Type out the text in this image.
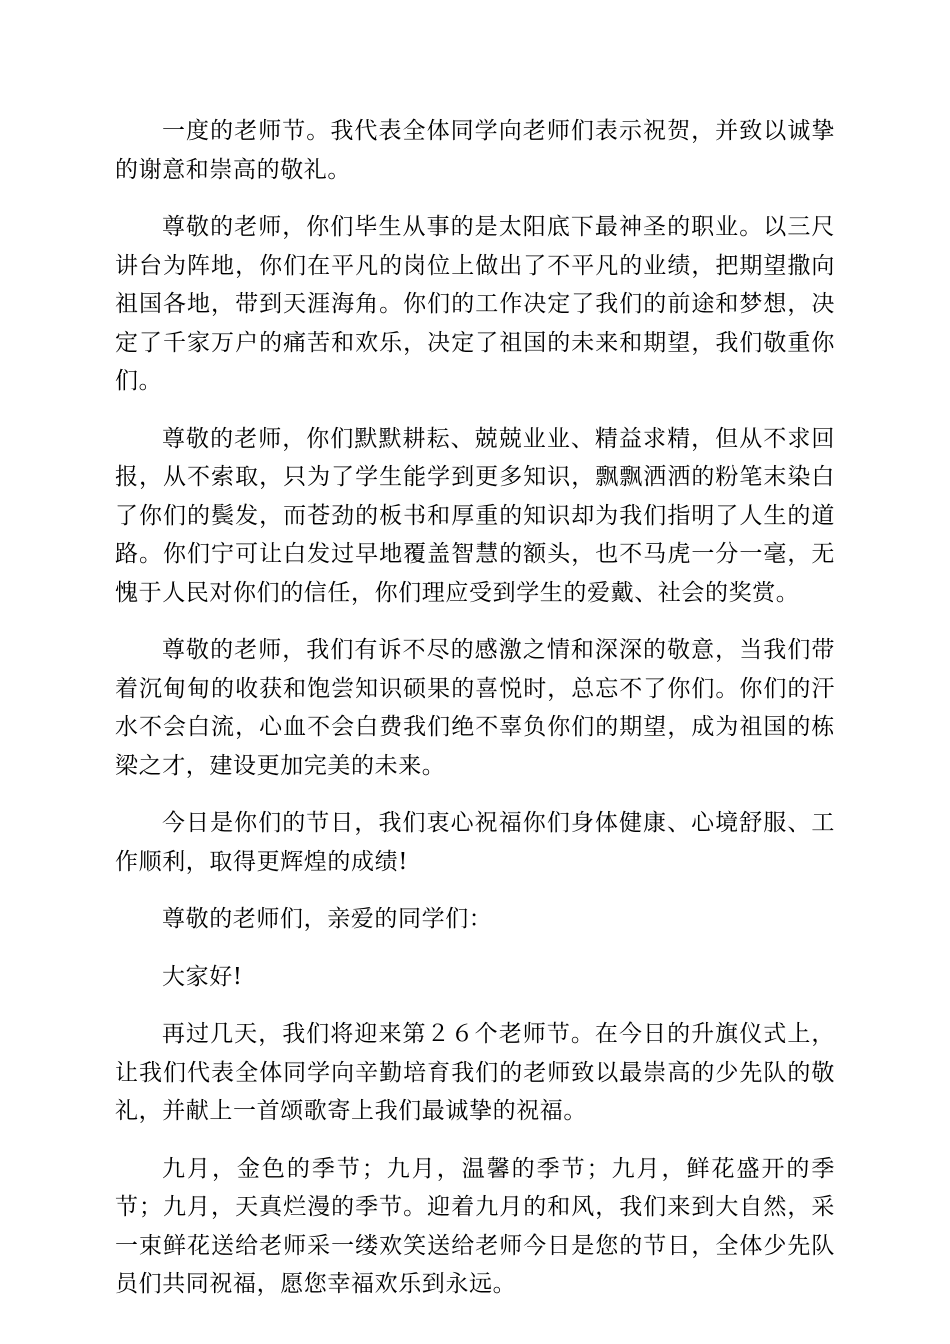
一度的老师节。我代表全体同学向老师们表示祝贺，并致以诚挚的谢意和崇高的敬礼。

尊敬的老师，你们毕生从事的是太阳底下最神圣的职业。以三尺讲台为阵地，你们在平凡的岗位上做出了不平凡的业绩，把期望撒向祖国各地，带到天涯海角。你们的工作决定了我们的前途和梦想，决定了千家万户的痛苦和欢乐，决定了祖国的未来和期望，我们敬重你们。

尊敬的老师，你们默默耕耘、兢兢业业、精益求精，但从不求回报，从不索取，只为了学生能学到更多知识，飘飘洒洒的粉笔末染白了你们的鬓发，而苍劲的板书和厚重的知识却为我们指明了人生的道路。你们宁可让白发过早地覆盖智慧的额头，也不马虎一分一毫，无愧于人民对你们的信任，你们理应受到学生的爱戴、社会的奖赏。

尊敬的老师，我们有诉不尽的感激之情和深深的敬意，当我们带着沉甸甸的收获和饱尝知识硕果的喜悦时，总忘不了你们。你们的汗水不会白流，心血不会白费我们绝不辜负你们的期望，成为祖国的栋梁之才，建设更加完美的未来。

今日是你们的节日，我们衷心祝福你们身体健康、心境舒服、工作顺利，取得更辉煌的成绩!

尊敬的老师们，亲爱的同学们：

大家好!

再过几天，我们将迎来第２６个老师节。在今日的升旗仪式上，让我们代表全体同学向辛勤培育我们的老师致以最崇高的少先队的敬礼，并献上一首颂歌寄上我们最诚挚的祝福。

九月，金色的季节；九月，温馨的季节；九月，鲜花盛开的季节；九月，天真烂漫的季节。迎着九月的和风，我们来到大自然，采一束鲜花送给老师采一缕欢笑送给老师今日是您的节日，全体少先队员们共同祝福，愿您幸福欢乐到永远。
